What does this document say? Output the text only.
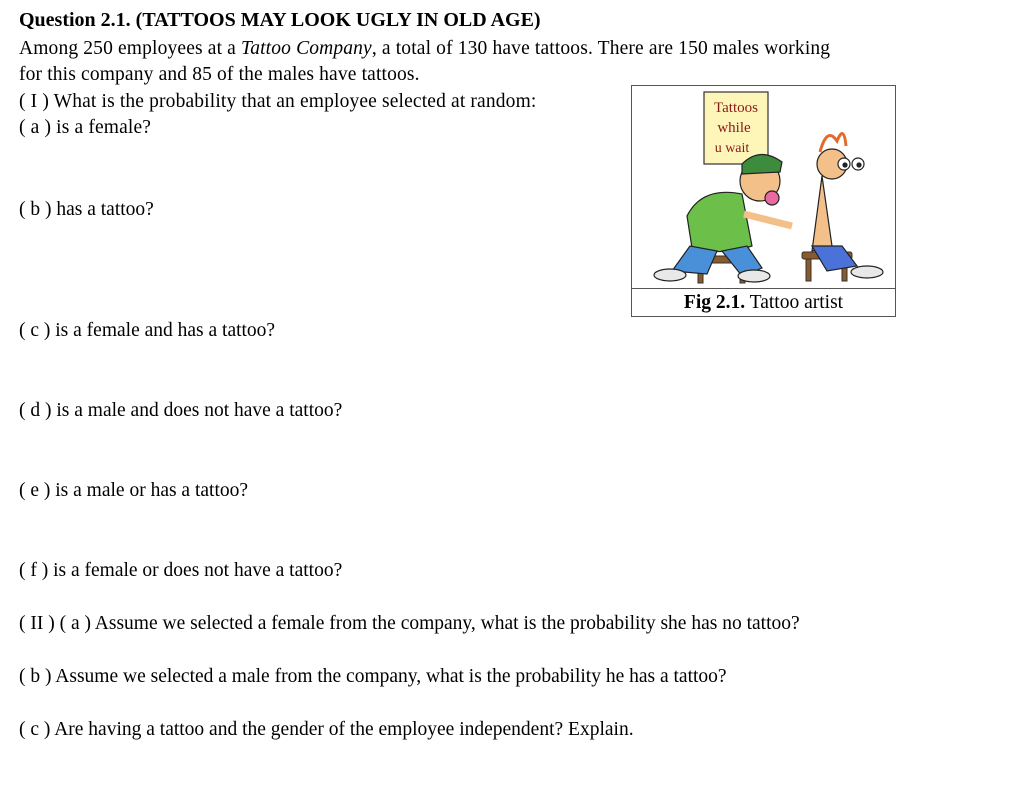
Question 2.1. (TATTOOS MAY LOOK UGLY IN OLD AGE)
Among 250 employees at a Tattoo Company, a total of 130 have tattoos. There are 150 males working
for this company and 85 of the males have tattoos.
( I ) What is the probability that an employee selected at random:
( a ) is a female?
( b ) has a tattoo?
( c ) is a female and has a tattoo?
( d ) is a male and does not have a tattoo?
( e ) is a male or has a tattoo?
( f ) is a female or does not have a tattoo?
( II ) ( a ) Assume we selected a female from the company, what is the probability she has no tattoo?
( b ) Assume we selected a male from the company, what is the probability he has a tattoo?
( c ) Are having a tattoo and the gender of the employee independent? Explain.
Tattoos
while
u wait
Fig 2.1. Tattoo artist
